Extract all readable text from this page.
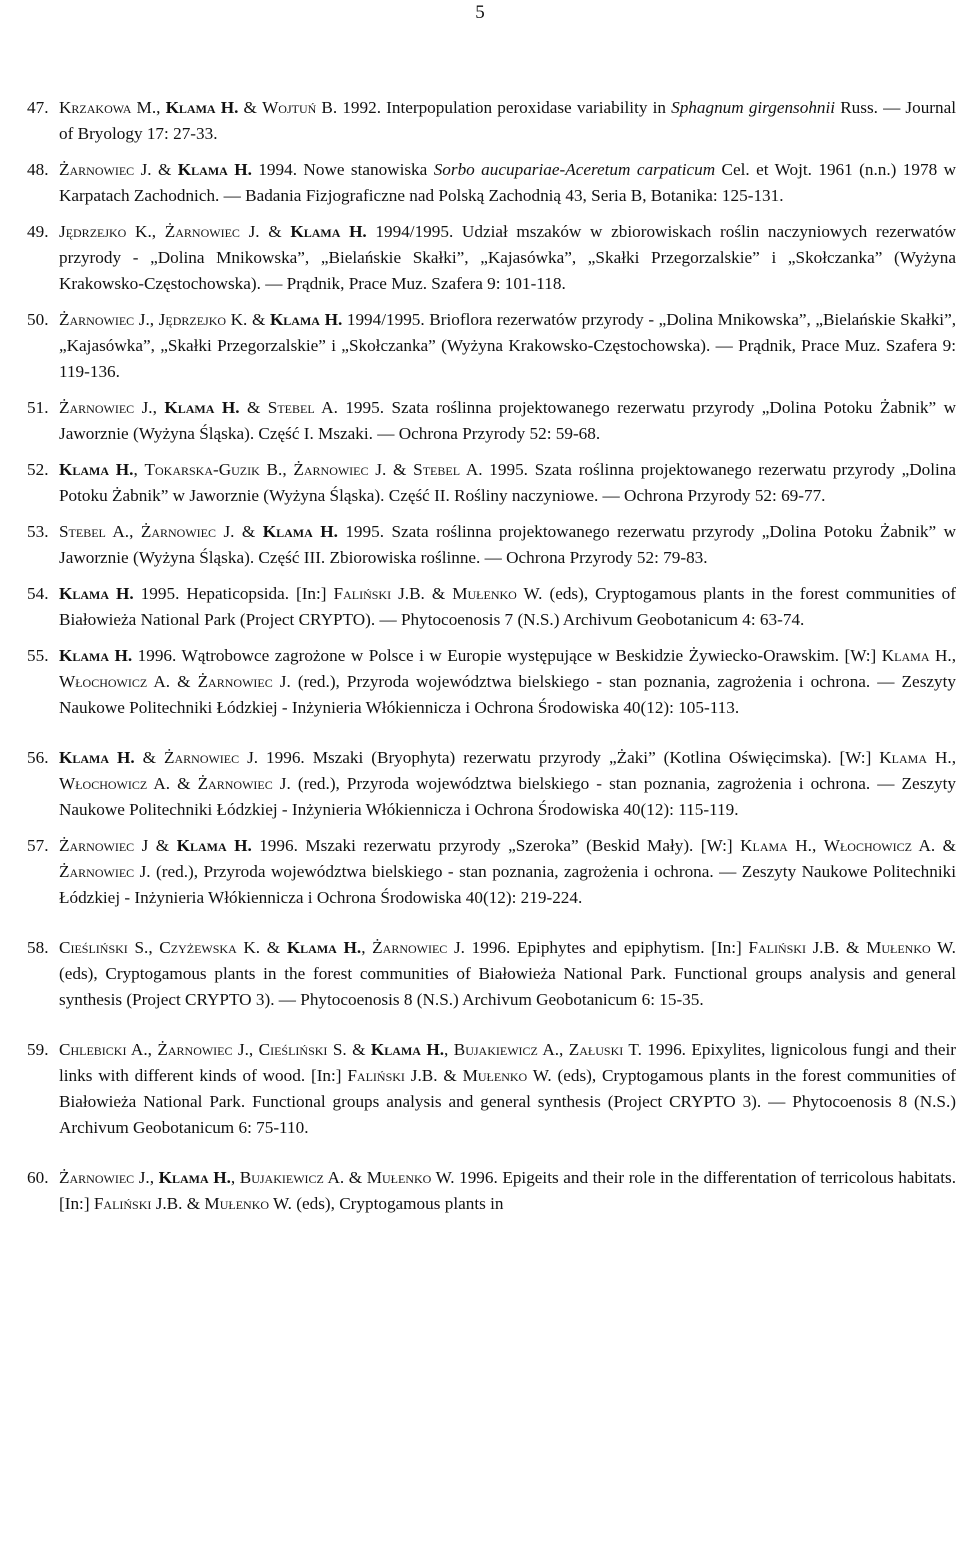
5
47. Krzakowa M., Klama H. & Wojtuń B. 1992. Interpopulation peroxidase variability in Sphagnum girgensohnii Russ. — Journal of Bryology 17: 27-33.
48. Żarnowiec J. & Klama H. 1994. Nowe stanowiska Sorbo aucupariae-Aceretum carpaticum Cel. et Wojt. 1961 (n.n.) 1978 w Karpatach Zachodnich. — Badania Fizjograficzne nad Polską Zachodnią 43, Seria B, Botanika: 125-131.
49. Jędrzejko K., Żarnowiec J. & Klama H. 1994/1995. Udział mszaków w zbiorowiskach roślin naczyniowych rezerwatów przyrody - „Dolina Mnikowska”, „Bielańskie Skałki”, „Kajasówka”, „Skałki Przegorzalskie” i „Skołczanka” (Wyżyna Krakowsko-Częstochowska). — Prądnik, Prace Muz. Szafera 9: 101-118.
50. Żarnowiec J., Jędrzejko K. & Klama H. 1994/1995. Brioflora rezerwatów przyrody - „Dolina Mnikowska”, „Bielańskie Skałki”, „Kajasówka”, „Skałki Przegorzalskie” i „Skołczanka” (Wyżyna Krakowsko-Częstochowska). — Prądnik, Prace Muz. Szafera 9: 119-136.
51. Żarnowiec J., Klama H. & Stebel A. 1995. Szata roślinna projektowanego rezerwatu przyrody „Dolina Potoku Żabnik” w Jaworznie (Wyżyna Śląska). Część I. Mszaki. — Ochrona Przyrody 52: 59-68.
52. Klama H., Tokarska-Guzik B., Żarnowiec J. & Stebel A. 1995. Szata roślinna projektowanego rezerwatu przyrody „Dolina Potoku Żabnik” w Jaworznie (Wyżyna Śląska). Część II. Rośliny naczyniowe. — Ochrona Przyrody 52: 69-77.
53. Stebel A., Żarnowiec J. & Klama H. 1995. Szata roślinna projektowanego rezerwatu przyrody „Dolina Potoku Żabnik” w Jaworznie (Wyżyna Śląska). Część III. Zbiorowiska roślinne. — Ochrona Przyrody 52: 79-83.
54. Klama H. 1995. Hepaticopsida. [In:] Faliński J.B. & Mułenko W. (eds), Cryptogamous plants in the forest communities of Białowieża National Park (Project CRYPTO). — Phytocoenosis 7 (N.S.) Archivum Geobotanicum 4: 63-74.
55. Klama H. 1996. Wątrobowce zagrożone w Polsce i w Europie występujące w Beskidzie Żywiecko-Orawskim. [W:] Klama H., Włochowicz A. & Żarnowiec J. (red.), Przyroda województwa bielskiego - stan poznania, zagrożenia i ochrona. — Zeszyty Naukowe Politechniki Łódzkiej - Inżynieria Włókiennicza i Ochrona Środowiska 40(12): 105-113.
56. Klama H. & Żarnowiec J. 1996. Mszaki (Bryophyta) rezerwatu przyrody „Żaki” (Kotlina Oświęcimska). [W:] Klama H., Włochowicz A. & Żarnowiec J. (red.), Przyroda województwa bielskiego - stan poznania, zagrożenia i ochrona. — Zeszyty Naukowe Politechniki Łódzkiej - Inżynieria Włókiennicza i Ochrona Środowiska 40(12): 115-119.
57. Żarnowiec J & Klama H. 1996. Mszaki rezerwatu przyrody „Szeroka” (Beskid Mały). [W:] Klama H., Włochowicz A. & Żarnowiec J. (red.), Przyroda województwa bielskiego - stan poznania, zagrożenia i ochrona. — Zeszyty Naukowe Politechniki Łódzkiej - Inżynieria Włókiennicza i Ochrona Środowiska 40(12): 219-224.
58. Cieśliński S., Czyżewska K. & Klama H., Żarnowiec J. 1996. Epiphytes and epiphytism. [In:] Faliński J.B. & Mułenko W. (eds), Cryptogamous plants in the forest communities of Białowieża National Park. Functional groups analysis and general synthesis (Project CRYPTO 3). — Phytocoenosis 8 (N.S.) Archivum Geobotanicum 6: 15-35.
59. Chlebicki A., Żarnowiec J., Cieśliński S. & Klama H., Bujakiewicz A., Załuski T. 1996. Epixylites, lignicolous fungi and their links with different kinds of wood. [In:] Faliński J.B. & Mułenko W. (eds), Cryptogamous plants in the forest communities of Białowieża National Park. Functional groups analysis and general synthesis (Project CRYPTO 3). — Phytocoenosis 8 (N.S.) Archivum Geobotanicum 6: 75-110.
60. Żarnowiec J., Klama H., Bujakiewicz A. & Mułenko W. 1996. Epigeits and their role in the differentation of terricolous habitats. [In:] Faliński J.B. & Mułenko W. (eds), Cryptogamous plants in
